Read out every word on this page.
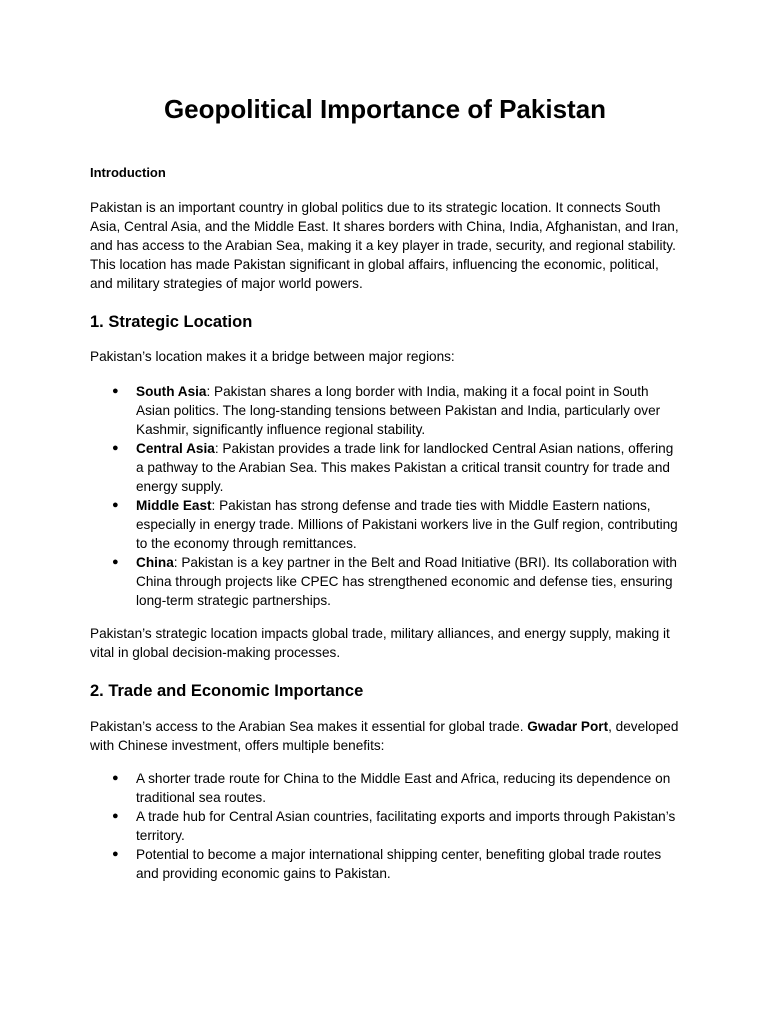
Geopolitical Importance of Pakistan
Introduction

Pakistan is an important country in global politics due to its strategic location. It connects South Asia, Central Asia, and the Middle East. It shares borders with China, India, Afghanistan, and Iran, and has access to the Arabian Sea, making it a key player in trade, security, and regional stability. This location has made Pakistan significant in global affairs, influencing the economic, political, and military strategies of major world powers.

1. Strategic Location

Pakistan’s location makes it a bridge between major regions:

● South Asia: Pakistan shares a long border with India, making it a focal point in South Asian politics. The long-standing tensions between Pakistan and India, particularly over Kashmir, significantly influence regional stability.
● Central Asia: Pakistan provides a trade link for landlocked Central Asian nations, offering a pathway to the Arabian Sea. This makes Pakistan a critical transit country for trade and energy supply.
● Middle East: Pakistan has strong defense and trade ties with Middle Eastern nations, especially in energy trade. Millions of Pakistani workers live in the Gulf region, contributing to the economy through remittances.
● China: Pakistan is a key partner in the Belt and Road Initiative (BRI). Its collaboration with China through projects like CPEC has strengthened economic and defense ties, ensuring long-term strategic partnerships.

Pakistan’s strategic location impacts global trade, military alliances, and energy supply, making it vital in global decision-making processes.

2. Trade and Economic Importance

Pakistan’s access to the Arabian Sea makes it essential for global trade. Gwadar Port, developed with Chinese investment, offers multiple benefits:

● A shorter trade route for China to the Middle East and Africa, reducing its dependence on traditional sea routes.
● A trade hub for Central Asian countries, facilitating exports and imports through Pakistan’s territory.
● Potential to become a major international shipping center, benefiting global trade routes and providing economic gains to Pakistan.
